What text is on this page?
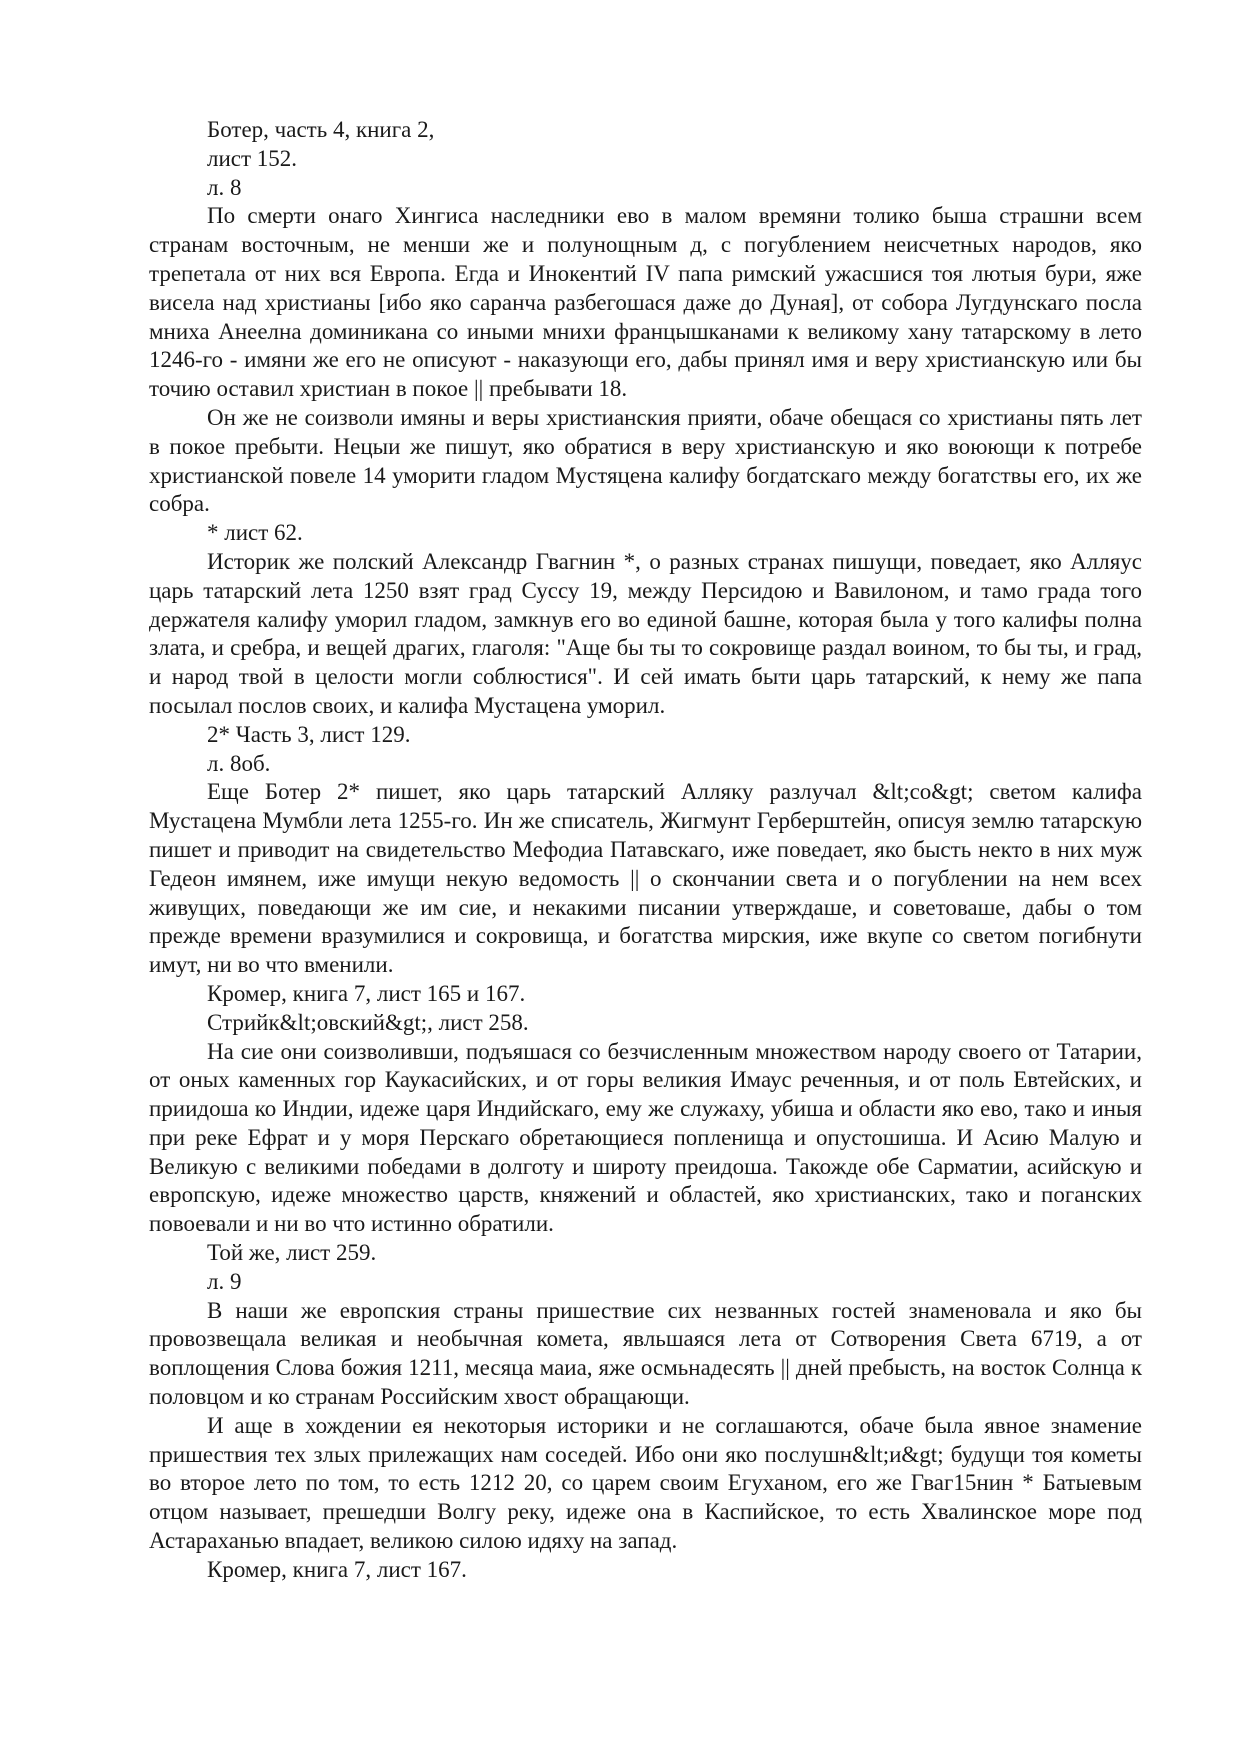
Ботер, часть 4, книга 2,

лист 152.

л. 8

По смерти онаго Хингиса наследники ево в малом времяни толико быша страшни всем странам восточным, не менши же и полунощным д, с погублением неисчетных народов, яко трепетала от них вся Европа. Егда и Инокентий IV папа римский ужасшися тоя лютыя бури, яже висела над христианы [ибо яко саранча разбегошася даже до Дуная], от собора Лугдунскаго посла мниха Анеелна доминикана со иными мнихи францышканами к великому хану татарскому в лето 1246-го - имяни же его не описуют - наказующи его, дабы принял имя и веру христианскую или бы точию оставил христиан в покое || пребывати 18.

Он же не соизволи имяны и веры христианския прияти, обаче обещася со христианы пять лет в покое пребыти. Нецыи же пишут, яко обратися в веру христианскую и яко воюющи к потребе христианской повеле 14 уморити гладом Мустяцена калифу богдатскаго между богатствы его, их же собра.

* лист 62.

Историк же полский Александр Гвагнин *, о разных странах пишущи, поведает, яко Алляус царь татарский лета 1250 взят град Суссу 19, между Персидою и Вавилоном, и тамо града того держателя калифу уморил гладом, замкнув его во единой башне, которая была у того калифы полна злата, и сребра, и вещей драгих, глаголя: "Аще бы ты то сокровище раздал воином, то бы ты, и град, и народ твой в целости могли соблюстися". И сей имать быти царь татарский, к нему же папа посылал послов своих, и калифа Мустацена уморил.

2* Часть 3, лист 129.

л. 8об.

Еще Ботер 2* пишет, яко царь татарский Алляку разлучал &lt;со&gt; светом калифа Мустацена Мумбли лета 1255-го. Ин же списатель, Жигмунт Герберштейн, описуя землю татарскую пишет и приводит на свидетельство Мефодиа Патавскаго, иже поведает, яко бысть некто в них муж Гедеон имянем, иже имущи некую ведомость || о скончании света и о погублении на нем всех живущих, поведающи же им сие, и некакими писании утверждаше, и советоваше, дабы о том прежде времени вразумилися и сокровища, и богатства мирския, иже вкупе со светом погибнути имут, ни во что вменили.

Кромер, книга 7, лист 165 и 167.

Стрийк&lt;овский&gt;, лист 258.

На сие они соизволивши, подъяшася со безчисленным множеством народу своего от Татарии, от оных каменных гор Каукасийских, и от горы великия Имаус реченныя, и от поль Евтейских, и приидоша ко Индии, идеже царя Индийскаго, ему же служаху, убиша и области яко ево, тако и иныя при реке Ефрат и у моря Перскаго обретающиеся попленища и опустошиша. И Асию Малую и Великую с великими победами в долготу и широту преидоша. Такожде обе Сарматии, асийскую и европскую, идеже множество царств, княжений и областей, яко христианских, тако и поганских повоевали и ни во что истинно обратили.

Той же, лист 259.

л. 9

В наши же европския страны пришествие сих незванных гостей знаменовала и яко бы провозвещала великая и необычная комета, явльшаяся лета от Сотворения Света 6719, а от воплощения Слова божия 1211, месяца маиа, яже осмьнадесять || дней пребысть, на восток Солнца к половцом и ко странам Российским хвост обращающи.

И аще в хождении ея некоторыя историки и не соглашаются, обаче была явное знамение пришествия тех злых прилежащих нам соседей. Ибо они яко послушн&lt;и&gt; будущи тоя кометы во второе лето по том, то есть 1212 20, со царем своим Егуханом, его же Гваг15нин * Батыевым отцом называет, прешедши Волгу реку, идеже она в Каспийское, то есть Хвалинское море под Астараханью впадает, великою силою идяху на запад.

Кромер, книга 7, лист 167.
